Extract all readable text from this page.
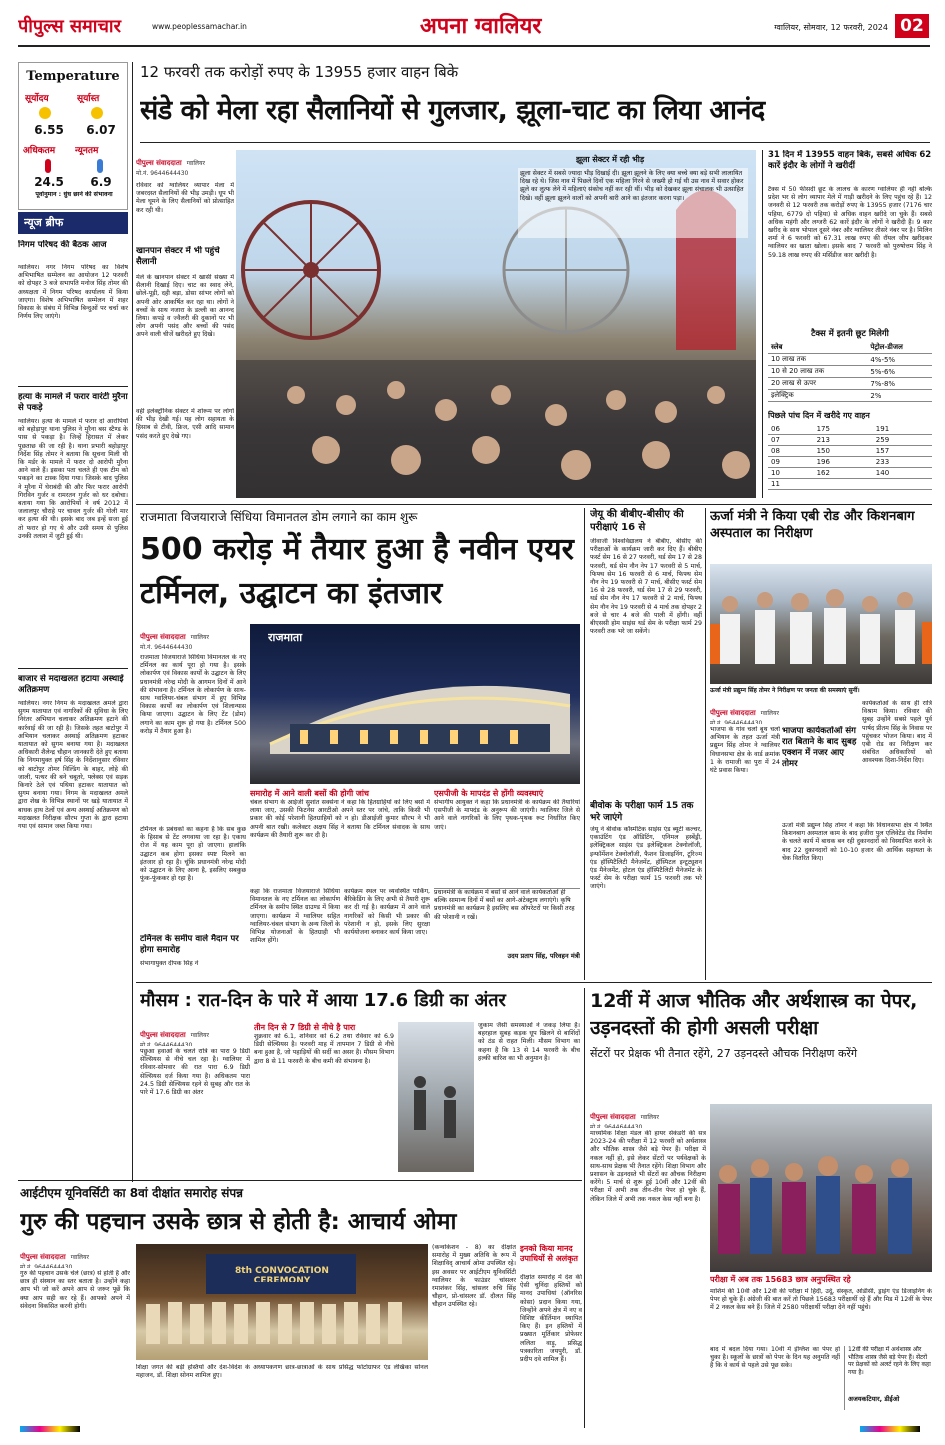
पीपुल्स समाचार	www.peoplessamachar.in	अपना ग्वालियर	ग्वालियर, सोमवार, 12 फरवरी, 2024 02
Temperature
सूर्योदय	सूर्यास्त
6.55	6.07
अधिकतम	न्यूनतम
24.5	6.9
पूर्वानुमान : धुंध छाने की संभावना
न्यूज ब्रीफ
निगम परिषद की बैठक आज
ग्वालियर। नगर निगम परिषद का विशेष अभिभाषित सम्मेलन का आयोजन 12 फरवरी को दोपहर 3 बजे सभापति मनोज सिंह तोमर की अध्यक्षता में निगम परिषद कार्यालय में किया जाएगा। विशेष अभिभाषित सम्मेलन में शहर विकास के संबंध में विभिन्न बिन्दुओं पर चर्चा कर निर्णय लिए जाएंगे।
हत्या के मामले में फरार वारंटी मुरैना से पकड़े
ग्वालियर। हत्या के मामले में फरार दो आरोपियों को बहोड़ापुर थाना पुलिस ने मुरैना बस स्टैण्ड के पास से पकड़ा है। जिन्हें हिरासत में लेकर पूछताछ की जा रही है। थाना प्रभारी बहोड़ापुर निर्देश सिंह तोमर ने बताया कि सूचना मिली थी कि मर्डर के मामले में फरार दो आरोपी मुरैना आने वाले हैं। इसका पता चलते ही एक टीम को पकड़ने का टास्क दिया गया। जिसके बाद पुलिस ने मुरैना में घेराबंदी की और फिर फरार आरोपी गिरविन गुर्जर व रामरतन गुर्जर को धर दबोचा। बताया गया कि आरोपियों ने वर्ष 2012 में जलालपुर चौराहे पर चावल गुर्जर की गोली मार कर हत्या की थी। इसके बाद जब इन्हें सजा हुई तो फरार हो गए थे और उसी समय से पुलिस उनकी तलाश में जुटी हुई थी।
बाजार से मदाखलत हटाया अस्थाई अतिक्रमण
ग्वालियर। नगर निगम के मदाखलत अमले द्वारा सुगम यातायात एवं नागरिकों की सुविधा के लिए निरंतर अभियान चलाकर अतिक्रमण हटाने की कार्रवाई की जा रही है। जिसके तहत बाटोपुर में अभियान चलाकर अस्थाई अतिक्रमण हटाकर यातायात को सुगम बनाया गया है। मदाखलत अधिकारी शैलेन्द्र चौहान जानकारी देते हुए बताया कि निगमायुक्त हर्ष सिंह के निर्देशानुसार रविवार को बाटोपुर तोमर विल्डिंग के बाहर, लोहे की जाली, पत्थर की बने चबूतरे, फ्लेक्स एवं सड़क किनारे ठेले एवं पथिया हटाकर यातायात को सुगम बनाया गया। निगम के मदाखलत अमले द्वारा शेख के विभिन्न स्थानों पर खड़े यातायात में बाधक हाथ ठेलों एवं अन्य अस्थाई अतिक्रमण को मदाखलत निरीक्षक सौरभ गुप्ता के द्वारा हटाया गया एवं सामान जब्त किया गया।
12 फरवरी तक करोड़ों रुपए के 13955 हजार वाहन बिके
संडे को मेला रहा सैलानियों से गुलजार, झूला-चाट का लिया आनंद
पीपुल्स संवाददाता ग्वालियर
मो.नं. 9644644430
रविवार को ग्वालियर व्यापार मेला में जबरदस्त सैलानियों की भीड़ उमड़ी। धूप भी मेला घूमने के लिए सैलानियों को प्रोत्साहित कर रही थी।
खानपान सेक्टर में भी पहुंचे सैलानी
मेले के खानपान सेक्टर में खासी संख्या में सैलानी दिखाई दिए। चाट का स्वाद लेने, छोले-पूड़ी, दही बड़ा, डोसा सांभर लोगों को अपनी ओर आकर्षित कर रहा था। लोगों ने बच्चों के साथ नजारा के डल्ली का आनन्द लिया। कपड़े व ज्वैलरी की दुकानों पर भी लोग अपनी पसंद और बच्चों की पसंद अपने वाली चीजें खरीदते हुए दिखे।
वहीं इलेक्ट्रॉनिक सेक्टर में शोरूम पर लोगों की भीड़ देखी गई। यह लोग सहायता के हिसाब से टीवी, फ्रिज, एसी आदि सामान पसंद करते हुए देखे गए।
झूला सेक्टर में रही भीड़
झूला सेक्टर में सबसे ज्यादा भीड़ दिखाई दी। झूला झूलने के लिए क्या बच्चे क्या बड़े सभी लालायित दिख रहे थे। जिस नाव में पिछले दिनों एक महिला गिरने से जख्मी हो गई थी उस नाव में सवार होकर झूले का लुत्फ लेने में महिलाएं संकोच नहीं कर रही थीं। भीड़ को देखकर झूला संचालक भी उत्साहित दिखे। वहीं झूला झूलने वालों को अपनी बारी आने का इंतजार करना पड़ा।
31 दिन में 13955 वाहन बिके, सबसे अधिक 62 कारें इंदौर के लोगों ने खरीदीं
टैक्स में 50 फीसदी छूट के लालच के कारण ग्वालियर ही नहीं बल्कि प्रदेश भर से लोग व्यापार मेले में गाड़ी खरीदने के लिए पहुंच रहे हैं। 12 जनवरी से 12 फरवरी तक करोड़ों रुपए के 13955 हजार (7176 चार पहिया, 6779 दो पहिया) से अधिक वाहन खरीदे जा चुके हैं। सबसे अधिक महंगी और लग्जरी 62 कारें इंदौर के लोगों ने खरीदी हैं। 9 कार खरीद के साथ भोपाल दूसरे नंबर और ग्वालियर तीसरे नंबर पर है। मिलिन शर्मा ने 6 फरवरी को 67.31 लाख रुपए की रॉयल जीप खरीदकर ग्वालियर का खाता खोला। इसके बाद 7 फरवरी को पुरुषोत्तम सिंह ने 59.18 लाख रुपए की मर्सिडीज कार खरीदी है।
टैक्स में इतनी छूट मिलेगी
स्लेब	पेट्रोल-डीजल
10 लाख तक	4%-5%
10 से 20 लाख तक	5%-6%
20 लाख से ऊपर	7%-8%
इलेक्ट्रिक	2%
पिछले पांच दिन में खरीदे गए वाहन
06	175	191
07	213	259
08	150	157
09	196	233
10	162	140
11		
राजमाता विजयाराजे सिंधिया विमानतल डोम लगाने का काम शुरू
500 करोड़ में तैयार हुआ है नवीन एयर टर्मिनल, उद्घाटन का इंतजार
पीपुल्स संवाददाता ग्वालियर
मो.नं. 9644644430
राजमाता
राजमाता विजयाराजे सिंधिया विमानतल के नए टर्मिनल का कार्य पूरा हो गया है। इसके लोकार्पण एवं विकास कार्यों के उद्घाटन के लिए प्रधानमंत्री नरेन्द्र मोदी के आगमन दिनों में आने की संभावना है। टर्मिनल के लोकार्पण के साथ-साथ ग्वालियर-चंबल संभाग में हुए विभिन्न विकास कार्यों का लोकार्पण एवं शिलान्यास किया जाएगा। उद्घाटन के लिए टेंट (डोम) लगाने का काम शुरू हो गया है। टर्मिनल 500 करोड़ में तैयार हुआ है।
टर्मिनल के प्रबंधकों का कहना है कि सब कुछ के हिसाब से टेंट लगवाया जा रहा है। एकाध रोज में यह काम पूरा हो जाएगा। हालांकि उद्घाटन कब होगा इसका स्पष्ट मिलने का इंतजार हो रहा है। चूंकि प्रधानमंत्री नरेन्द्र मोदी को उद्घाटन के लिए आना है, इसलिए सबकुछ फूंक-फूंककर हो रहा है।
टर्मिनल के समीप वाले मैदान पर होगा समारोह
संभागायुक्त दीपक सिंह ने
समारोह में आने वाली बसों की होगी जांच
चंबल संभाग के आईजी सुशांत सक्सेना ने कहा कि हितग्राहियों को लिए बसों में लाया जाए, उसकी फिटनेस आरटीओ अपने स्तर पर जांचे, ताकि किसी भी प्रकार की कोई परेशानी हितग्राहियों को न हो। डीआईजी कुमार सौरभ ने भी अपनी बात रखी। कलेक्टर अक्षय सिंह ने बताया कि टर्मिनल संवादक के साथ कार्यक्रम की तैयारी शुरू कर दी है।
एसपीजी के मापदंड से होंगी व्यवस्थाएं
संभागीय आयुक्त ने कहा कि प्रधानमंत्री के कार्यक्रम की तैयारियां एसपीजी के मापदंड के अनुरूप की जाएंगी। ग्वालियर जिले से आने वाले नागरिकों के लिए पृथक-पृथक रूट निर्धारित किए जाएं।
कहा कि राजमाता विजयाराजे सिंधिया विमानतल के नए टर्मिनल का लोकार्पण टर्मिनल के समीप स्थित ग्राउण्ड में किया जाएगा। कार्यक्रम में ग्वालियर सहित ग्वालियर-चंबल संभाग के अन्य जिलों के विभिन्न योजनाओं के हितग्राही भी शामिल होंगे।
कार्यक्रम स्थल पर व्यवस्थित पार्किंग, बैरिकेडिंग के लिए अभी से तैयारी शुरू कर दी गई है। कार्यक्रम में आने वाले नागरिकों को किसी भी प्रकार की परेशानी न हो, इसके लिए सुरक्षा कार्ययोजना बनाकर कार्य किया जाए।
प्रधानमंत्री के कार्यक्रम में बसों से आने वाले कार्यकर्ताओं ही बल्कि सामान्य दिनों में बसों का आगे-अंटेक्ट्राय लगाएंगे। कृषि प्रधानमंत्री का कार्यक्रम है इसलिए बस ऑपरेटरों पर किसी तरह की परेशानी न रखें।
उदय प्रताप सिंह, परिवहन मंत्री
जेयू की बीबीए-बीसीए की परीक्षाएं 16 से
जीवाजी विश्वविद्यालय ने बीबीए, बीसीए की परीक्षाओं के कार्यक्रम जारी कर दिए हैं। बीबीए फर्स्ट सेम 16 से 27 फरवरी, थर्ड सेम 17 से 28 फरवरी, थर्ड सेम नौन नेप 17 फरवरी से 5 मार्च, फिफ्थ सेम 16 फरवरी से 6 मार्च, फिफ्थ सेम नौन नेप 19 फरवरी से 7 मार्च, बीसीए फर्स्ट सेम 16 से 28 फरवरी, थर्ड सेम 17 से 29 फरवरी, थर्ड सेम नौन नेप 17 फरवरी से 2 मार्च, फिफ्थ सेम नौन नेप 19 फरवरी से 4 मार्च तक दोपहर 2 बजे से चार 4 बजे की पाली में होंगी। वहीं बीएससी होम साइंस थर्ड सेम के परीक्षा फार्म 29 फरवरी तक भरे जा सकेंगे।
बीवोक के परीक्षा फार्म 15 तक भरे जाएंगे
जेयू ने बीवोक कॉस्मेटिक साइंस एंड ब्यूटी कल्चर, एकाउंटिंग एंड ऑडिटिंग, एनिमल हस्बेंड्री, इलेक्ट्रिकल साइंस एंड इलेक्ट्रिकल टेक्नोलॉजी, इन्फॉर्मेशन टेक्नोलॉजी, फैशन डिजाइनिंग, टूरिज्म एंड हॉस्पिटैलिटी मैनेजमेंट, हॉस्पिटल इन्टूट्यूशन एंड मैनेजमेंट, होटल एंड हॉस्पिटैलिटी मैनेजमेंट के फर्स्ट सेम के परीक्षा फार्म 15 फरवरी तक भरे जाएंगे।
ऊर्जा मंत्री ने किया एबी रोड और किशनबाग अस्पताल का निरीक्षण
ऊर्जा मंत्री प्रद्युम्न सिंह तोमर ने निरीक्षण पर जनता की समस्याएं सुनीं।
पीपुल्स संवाददाता ग्वालियर
मो.नं. 9644644430
भाजपा के गांव चलो बूथ चलो अभियान के तहत ऊर्जा मंत्री प्रद्युम्न सिंह तोमर ने ग्वालियर विधानसभा क्षेत्र के वार्ड क्रमांक 1 के रामाजी का पुरा में 24 घंटे प्रवास किया।
भाजपा कार्यकर्ताओं संग रात बिताने के बाद सुबह एक्शन में नजर आए तोमर
कार्यकर्ताओं के साथ ही रात्रि विश्राम किया। रविवार की सुबह उन्होंने सबसे पहले पूर्व पार्षद प्रीतम सिंह के निवास पर पहुंचकर भोजन किया। बाद में एबी रोड का निरीक्षण कर संबंधित अधिकारियों को आवश्यक दिशा-निर्देश दिए।
ऊर्जा मंत्री प्रद्युम्न सिंह तोमर ने कहा कि विधानसभा क्षेत्र में स्थित किशनबाग अस्पताल काम के बाद हजीरा पुल एलिवेटेड रोड निर्माण के चलते कार्य में बाधक बन रही दुकानदारों को विस्थापित करने के बाद 22 दुकानदारों को 10-10 हजार की आर्थिक सहायता के चेक वितरित किए।
मौसम : रात-दिन के पारे में आया 17.6 डिग्री का अंतर
पीपुल्स संवाददाता ग्वालियर
मो.नं. 9644644430
पछुआ हवाओं के चलते रात्रि का पारा 9 डिग्री सेल्सियस से नीचे चल रहा है। ग्वालियर में रविवार-सोमवार की रात पारा 6.9 डिग्री सेल्सियस दर्ज किया गया है। अधिकतम पारा 24.5 डिग्री सेल्सियस रहने से सुबह और रात के पारे में 17.6 डिग्री का अंतर
तीन दिन से 7 डिग्री से नीचे है पारा
शुक्रवार को 6.1, शनिवार को 6.2 तथा रविवार को 6.9 डिग्री सेल्सियस है। फरवरी माह में तापमान 7 डिग्री से नीचे बना हुआ है, जो पहाड़ियों की सर्दी का असर है। मौसम विभाग द्वारा 8 से 11 फरवरी के बीच कमी की संभावना है।
जुकाम जैसी समस्याओं ने जकड़ लिया है। बहरहाल सुबह कड़क धूप खिलने से बाशिंदों को ठंड से राहत मिली। मौसम विभाग का कहना है कि 13 से 14 फरवरी के बीच हल्की बारिश का भी अनुमान है।
12वीं में आज भौतिक और अर्थशास्त्र का पेपर, उड़नदस्तों की होगी असली परीक्षा
सेंटरों पर प्रेक्षक भी तैनात रहेंगे, 27 उड़नदस्ते औचक निरीक्षण करेंगे
पीपुल्स संवाददाता ग्वालियर
मो.नं. 9644644430
माध्यमिक शिक्षा मंडल की हायर सेकंडरी की सत्र 2023-24 की परीक्षा में 12 फरवरी को अर्थशास्त्र और भौतिक शास्त्र जैसे बड़े पेपर हैं। परीक्षा में नकल नहीं हो, इसे लेकर सेंटरों पर पर्यवेक्षकों के साथ-साथ प्रेक्षक भी तैनात रहेंगे। शिक्षा विभाग और प्रशासन के उड़नदस्ते भी सेंटरों का औचक निरीक्षण करेंगे। 5 मार्च से शुरू हुई 10वीं और 12वीं की परीक्षा में अभी तक तीन-तीन पेपर हो चुके हैं, लेकिन जिले में अभी तक नकल केस नहीं बना है।
परीक्षा में अब तक 15683 छात्र अनुपस्थित रहे
माशिमं की 10वीं और 12वीं की परीक्षा में हिंदी, उर्दू, संस्कृत, ओडीसी, ड्राइंग एंड डिजाइनिंग के पेपर हो चुके हैं। अंग्रेजी की बात करें तो पिछले 15683 परीक्षार्थी रहे हैं और मिड में 12वीं के पेपर में 2 नकल केस बने हैं। जिले में 2580 परीक्षार्थी परीक्षा देने नहीं पहुंचे।
बाद में बदल दिया गया। 10वीं में इंग्लिश का पेपर हो चुका है। स्कूलों के छात्रों को पेपर के दिन यह अनुमति नहीं है कि वे कार्य से पहले उसे पूछ सके।
12वीं की परीक्षा में अर्थशास्त्र और भौतिक शास्त्र जैसे बड़े पेपर हैं। सेंटरों पर प्रेक्षकों को अलर्ट रहने के लिए कहा गया है।
अजयकटियार, डीईओ
आईटीएम यूनिवर्सिटी का 8वां दीक्षांत समारोह संपन्न
गुरु की पहचान उसके छात्र से होती है: आचार्य ओमा
पीपुल्स संवाददाता ग्वालियर
मो.नं. 9644644430
गुरु की पहचान उसके चेले (छात्र) से होती है और छात्र ही संस्थान का स्तर बताता है। उन्होंने कहा आप भी जो करें अपने आप से जरूर पूछें कि क्या आप सही कर रहे हैं। आपको अपने में संवेदना विकसित करनी होगी।
8th CONVOCATION CEREMONY
(कन्वोकेशन - 8) का दीक्षांत समारोह में मुख्य अतिथि के रूप में शिक्षाविद् आचार्य ओमा उपस्थित रहे। इस अवसर पर आईटीएम यूनिवर्सिटी ग्वालियर के फाउंडर चांसलर रमाशंकर सिंह, चांसलर रुचि सिंह चौहान, प्रो-चांसलर डॉ. दौलत सिंह चौहान उपस्थित रहे।
इनको किया मानद उपाधियों से अलंकृत
दीक्षांत समारोह में देश की ऐसी चुनिंदा हस्तियों को मानद उपाधियां (ऑनरिस कोसा) प्रदान किया गया, जिन्होंने अपने क्षेत्र में नए व विशिष्ट कीर्तिमान स्थापित किए हैं। इन हस्तियों में प्रख्यात मूर्तिकार प्रोफेसर ललिता वाड़ू, प्रसिद्ध पत्रकारिता जयपुरी, डॉ. प्रदीप दवे शामिल हैं।
शिक्षा जगत की बड़ी हस्तियों और देश-विदेश के अध्यापकगण छात्र-छात्राओं के साथ प्रसिद्ध फोटोग्राफर एंड लेखिका सोनल महाजन, डॉ. शिक्षा सोनम शामिल हुए।
